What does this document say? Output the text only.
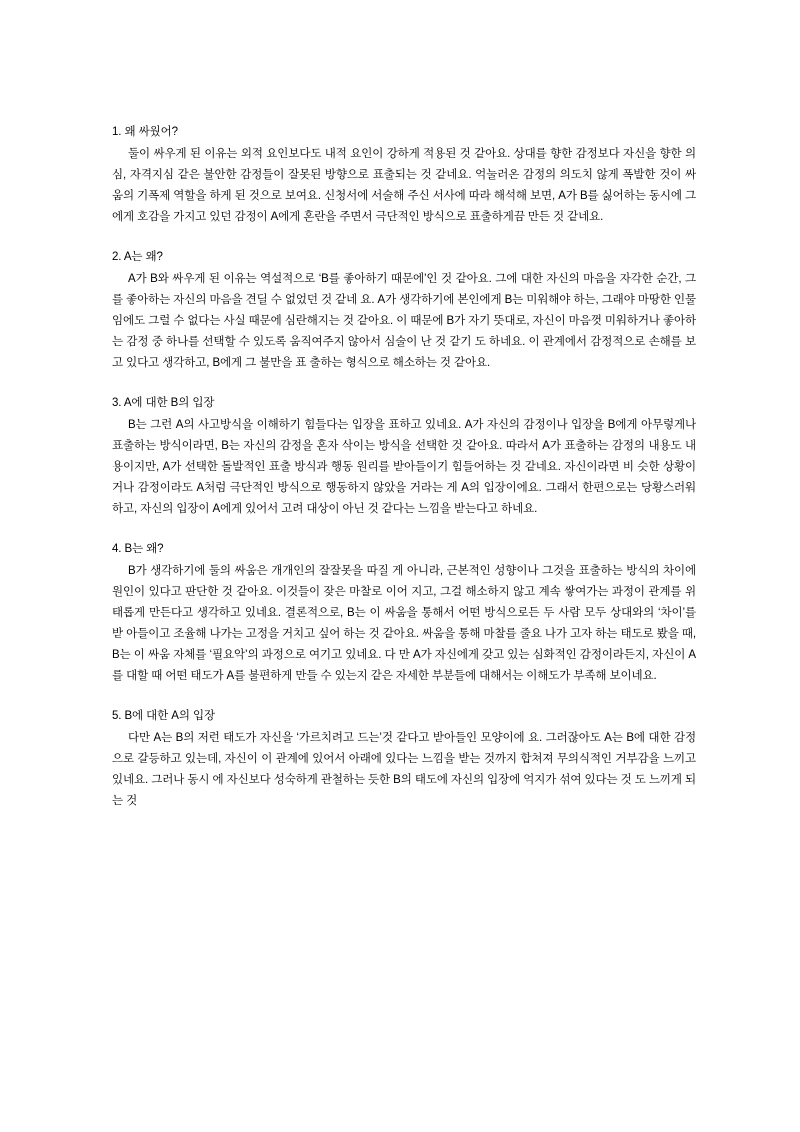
1. 왜 싸웠어?

둘이 싸우게 된 이유는 외적 요인보다도 내적 요인이 강하게 적용된 것 같아요. 상대를 향한 감정보다 자신을 향한 의심, 자격지심 같은 불안한 감정들이 잘못된 방향으로 표출되는 것 같네요. 억눌러온 감정의 의도치 않게 폭발한 것이 싸움의 기폭제 역할을 하게 된 것으로 보여요. 신청서에 서술해 주신 서사에 따라 해석해 보면, A가 B를 싫어하는 동시에 그 에게 호감을 가지고 있던 감정이 A에게 혼란을 주면서 극단적인 방식으로 표출하게끔 만든 것 같네요.

2. A는 왜?

A가 B와 싸우게 된 이유는 역설적으로 ‘B를 좋아하기 때문에’인 것 같아요. 그에 대한 자신의 마음을 자각한 순간, 그를 좋아하는 자신의 마음을 견딜 수 없었던 것 같네 요. A가 생각하기에 본인에게 B는 미워해야 하는, 그래야 마땅한 인물임에도 그럴 수 없다는 사실 때문에 심란해지는 것 같아요. 이 때문에 B가 자기 뜻대로, 자신이 마음껏 미워하거나 좋아하는 감정 중 하나를 선택할 수 있도록 움직여주지 않아서 심술이 난 것 같기 도 하네요. 이 관계에서 감정적으로 손해를 보고 있다고 생각하고, B에게 그 불만을 표 출하는 형식으로 해소하는 것 같아요.

3. A에 대한 B의 입장

B는 그런 A의 사고방식을 이해하기 힘들다는 입장을 표하고 있네요. A가 자신의 감정이나 입장을 B에게 아무렇게나 표출하는 방식이라면, B는 자신의 감정을 혼자 삭이는 방식을 선택한 것 같아요. 따라서 A가 표출하는 감정의 내용도 내용이지만, A가 선택한 돌발적인 표출 방식과 행동 원리를 받아들이기 힘들어하는 것 같네요. 자신이라면 비 슷한 상황이거나 감정이라도 A처럼 극단적인 방식으로 행동하지 않았을 거라는 게 A의 입장이에요. 그래서 한편으로는 당황스러워하고, 자신의 입장이 A에게 있어서 고려 대상이 아닌 것 같다는 느낌을 받는다고 하네요.

4. B는 왜?

B가 생각하기에 둘의 싸움은 개개인의 잘잘못을 따질 게 아니라, 근본적인 성향이나 그것을 표출하는 방식의 차이에 원인이 있다고 판단한 것 같아요. 이것들이 잦은 마찰로 이어 지고, 그걸 해소하지 않고 계속 쌓여가는 과정이 관계를 위태롭게 만든다고 생각하고 있네요. 결론적으로, B는 이 싸움을 통해서 어떤 방식으로든 두 사람 모두 상대와의 ‘차이’를 받 아들이고 조율해 나가는 고정을 거치고 싶어 하는 것 같아요. 싸움을 통해 마찰를 줄요 나가 고자 하는 태도로 봤을 때, B는 이 싸움 자체를 ‘필요악’의 과정으로 여기고 있네요. 다 만 A가 자신에게 갖고 있는 심화적인 감정이라든지, 자신이 A를 대할 때 어떤 태도가 A를 불편하게 만들 수 있는지 같은 자세한 부분들에 대해서는 이해도가 부족해 보이네요.

5. B에 대한 A의 입장

다만 A는 B의 저런 태도가 자신을 ‘가르치려고 드는’것 같다고 받아들인 모양이에 요. 그러잖아도 A는 B에 대한 감정으로 갈등하고 있는데, 자신이 이 관계에 있어서 아래에 있다는 느낌을 받는 것까지 합쳐져 무의식적인 거부감을 느끼고 있네요. 그러나 동시 에 자신보다 성숙하게 관철하는 듯한 B의 태도에 자신의 입장에 억지가 섞여 있다는 것 도 느끼게 되는 것
